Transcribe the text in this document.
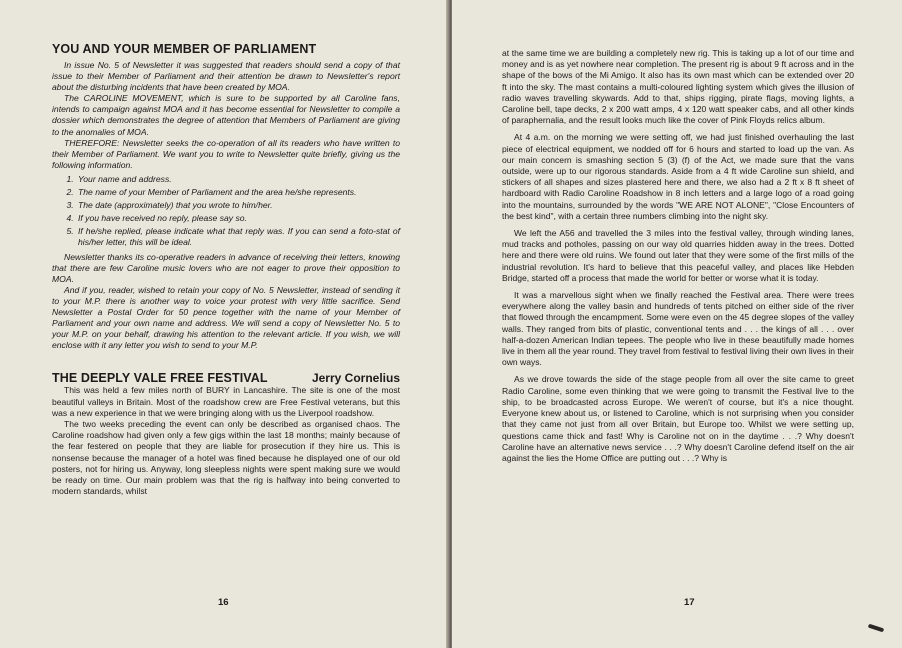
YOU AND YOUR MEMBER OF PARLIAMENT

In issue No. 5 of Newsletter it was suggested that readers should send a copy of that issue to their Member of Parliament and their attention be drawn to Newsletter's report about the disturbing incidents that have been created by MOA.

The CAROLINE MOVEMENT, which is sure to be supported by all Caroline fans, intends to campaign against MOA and it has become essential for Newsletter to compile a dossier which demonstrates the degree of attention that Members of Parliament are giving to the anomalies of MOA.

THEREFORE: Newsletter seeks the co-operation of all its readers who have written to their Member of Parliament. We want you to write to Newsletter quite briefly, giving us the following information.

1. Your name and address.
2. The name of your Member of Parliament and the area he/she represents.
3. The date (approximately) that you wrote to him/her.
4. If you have received no reply, please say so.
5. If he/she replied, please indicate what that reply was. If you can send a foto-stat of his/her letter, this will be ideal.

Newsletter thanks its co-operative readers in advance of receiving their letters, knowing that there are few Caroline music lovers who are not eager to prove their opposition to MOA.

And if you, reader, wished to retain your copy of No. 5 Newsletter, instead of sending it to your M.P. there is another way to voice your protest with very little sacrifice. Send Newsletter a Postal Order for 50 pence together with the name of your Member of Parliament and your own name and address. We will send a copy of Newsletter No. 5 to your M.P. on your behalf, drawing his attention to the relevant article. If you wish, we will enclose with it any letter you wish to send to your M.P.

THE DEEPLY VALE FREE FESTIVAL	Jerry Cornelius

This was held a few miles north of BURY in Lancashire. The site is one of the most beautiful valleys in Britain. Most of the roadshow crew are Free Festival veterans, but this was a new experience in that we were bringing along with us the Liverpool roadshow.

The two weeks preceding the event can only be described as organised chaos. The Caroline roadshow had given only a few gigs within the last 18 months; mainly because of the fear festered on people that they are liable for prosecution if they hire us. This is nonsense because the manager of a hotel was fined because he displayed one of our old posters, not for hiring us. Anyway, long sleepless nights were spent making sure we would be ready on time. Our main problem was that the rig is halfway into being converted to modern standards, whilst

16

at the same time we are building a completely new rig. This is taking up a lot of our time and money and is as yet nowhere near completion. The present rig is about 9 ft across and in the shape of the bows of the Mi Amigo. It also has its own mast which can be extended over 20 ft into the sky. The mast contains a multi-coloured lighting system which gives the illusion of radio waves travelling skywards. Add to that, ships rigging, pirate flags, moving lights, a Caroline bell, tape decks, 2 x 200 watt amps, 4 x 120 watt speaker cabs, and all other kinds of paraphernalia, and the result looks much like the cover of Pink Floyds relics album.

At 4 a.m. on the morning we were setting off, we had just finished overhauling the last piece of electrical equipment, we nodded off for 6 hours and started to load up the van. As our main concern is smashing section 5 (3) (f) of the Act, we made sure that the vans outside, were up to our rigorous standards. Aside from a 4 ft wide Caroline sun shield, and stickers of all shapes and sizes plastered here and there, we also had a 2 ft x 8 ft sheet of hardboard with Radio Caroline Roadshow in 8 inch letters and a large logo of a road going into the mountains, surrounded by the words "WE ARE NOT ALONE", "Close Encounters of the best kind", with a certain three numbers climbing into the night sky.

We left the A56 and travelled the 3 miles into the festival valley, through winding lanes, mud tracks and potholes, passing on our way old quarries hidden away in the trees. Dotted here and there were old ruins. We found out later that they were some of the first mills of the industrial revolution. It's hard to believe that this peaceful valley, and places like Hebden Bridge, started off a process that made the world for better or worse what it is today.

It was a marvellous sight when we finally reached the Festival area. There were trees everywhere along the valley basin and hundreds of tents pitched on either side of the river that flowed through the encampment. Some were even on the 45 degree slopes of the valley walls. They ranged from bits of plastic, conventional tents and . . . the kings of all . . . over half-a-dozen American Indian tepees. The people who live in these beautifully made homes live in them all the year round. They travel from festival to festival living their own lives in their own ways.

As we drove towards the side of the stage people from all over the site came to greet Radio Caroline, some even thinking that we were going to transmit the Festival live to the ship, to be broadcasted across Europe. We weren't of course, but it's a nice thought. Everyone knew about us, or listened to Caroline, which is not surprising when you consider that they came not just from all over Britain, but Europe too. Whilst we were setting up, questions came thick and fast! Why is Caroline not on in the daytime . . .? Why doesn't Caroline have an alternative news service . . .? Why doesn't Caroline defend itself on the air against the lies the Home Office are putting out . . .? Why is

17
